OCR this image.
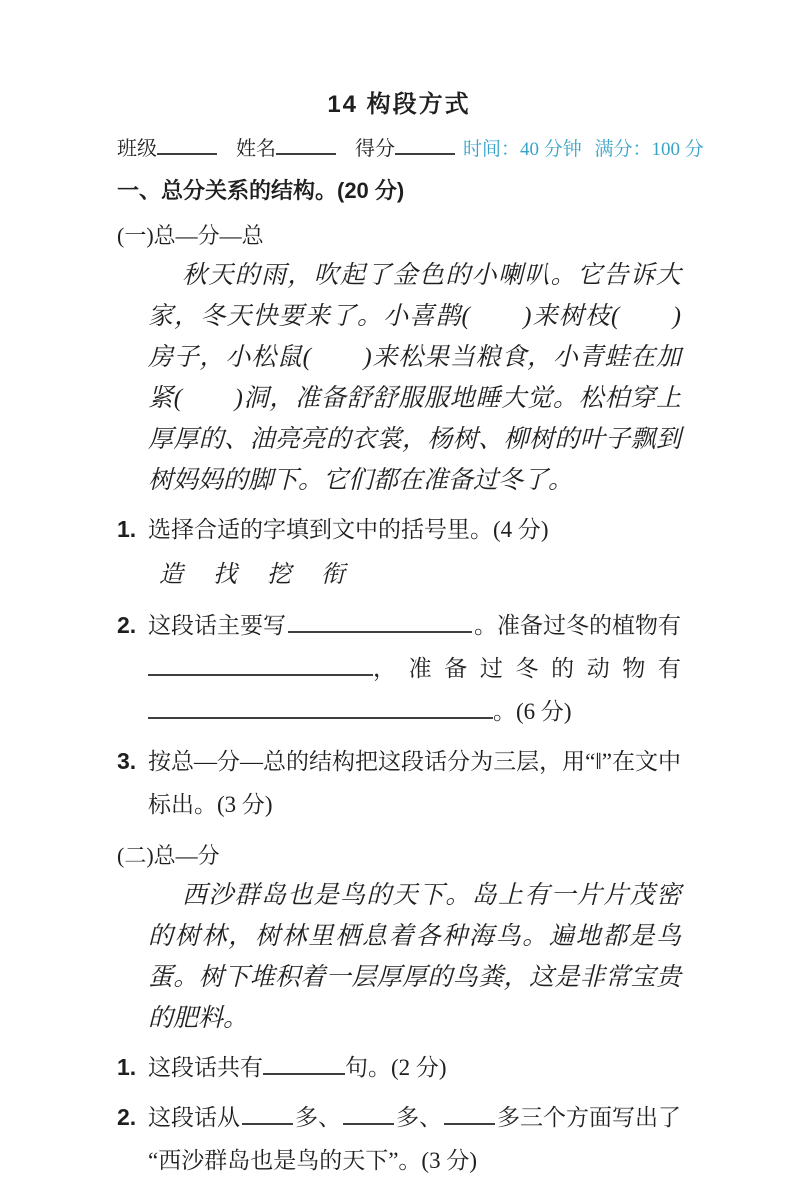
14 构段方式
班级	姓名	得分	时间：40 分钟 满分：100 分
一、总分关系的结构。(20 分)
(一)总—分—总
秋天的雨，吹起了金色的小喇叭。它告诉大家，冬天快要来了。小喜鹊(　　)来树枝(　　)房子，小松鼠(　　)来松果当粮食，小青蛙在加紧(　　)洞，准备舒舒服服地睡大觉。松柏穿上厚厚的、油亮亮的衣裳，杨树、柳树的叶子飘到树妈妈的脚下。它们都在准备过冬了。
1. 选择合适的字填到文中的括号里。(4 分)
造 找 挖 衔
2. 这段话主要写	。准备过冬的植物有
，准备过冬的动物有
。(6 分)
3. 按总—分—总的结构把这段话分为三层，用“‖”在文中标出。(3 分)
(二)总—分
西沙群岛也是鸟的天下。岛上有一片片茂密的树林，树林里栖息着各种海鸟。遍地都是鸟蛋。树下堆积着一层厚厚的鸟粪，这是非常宝贵的肥料。
1. 这段话共有	句。(2 分)
2. 这段话从 多、 多、 多三个方面写出了
“西沙群岛也是鸟的天下”。(3 分)
